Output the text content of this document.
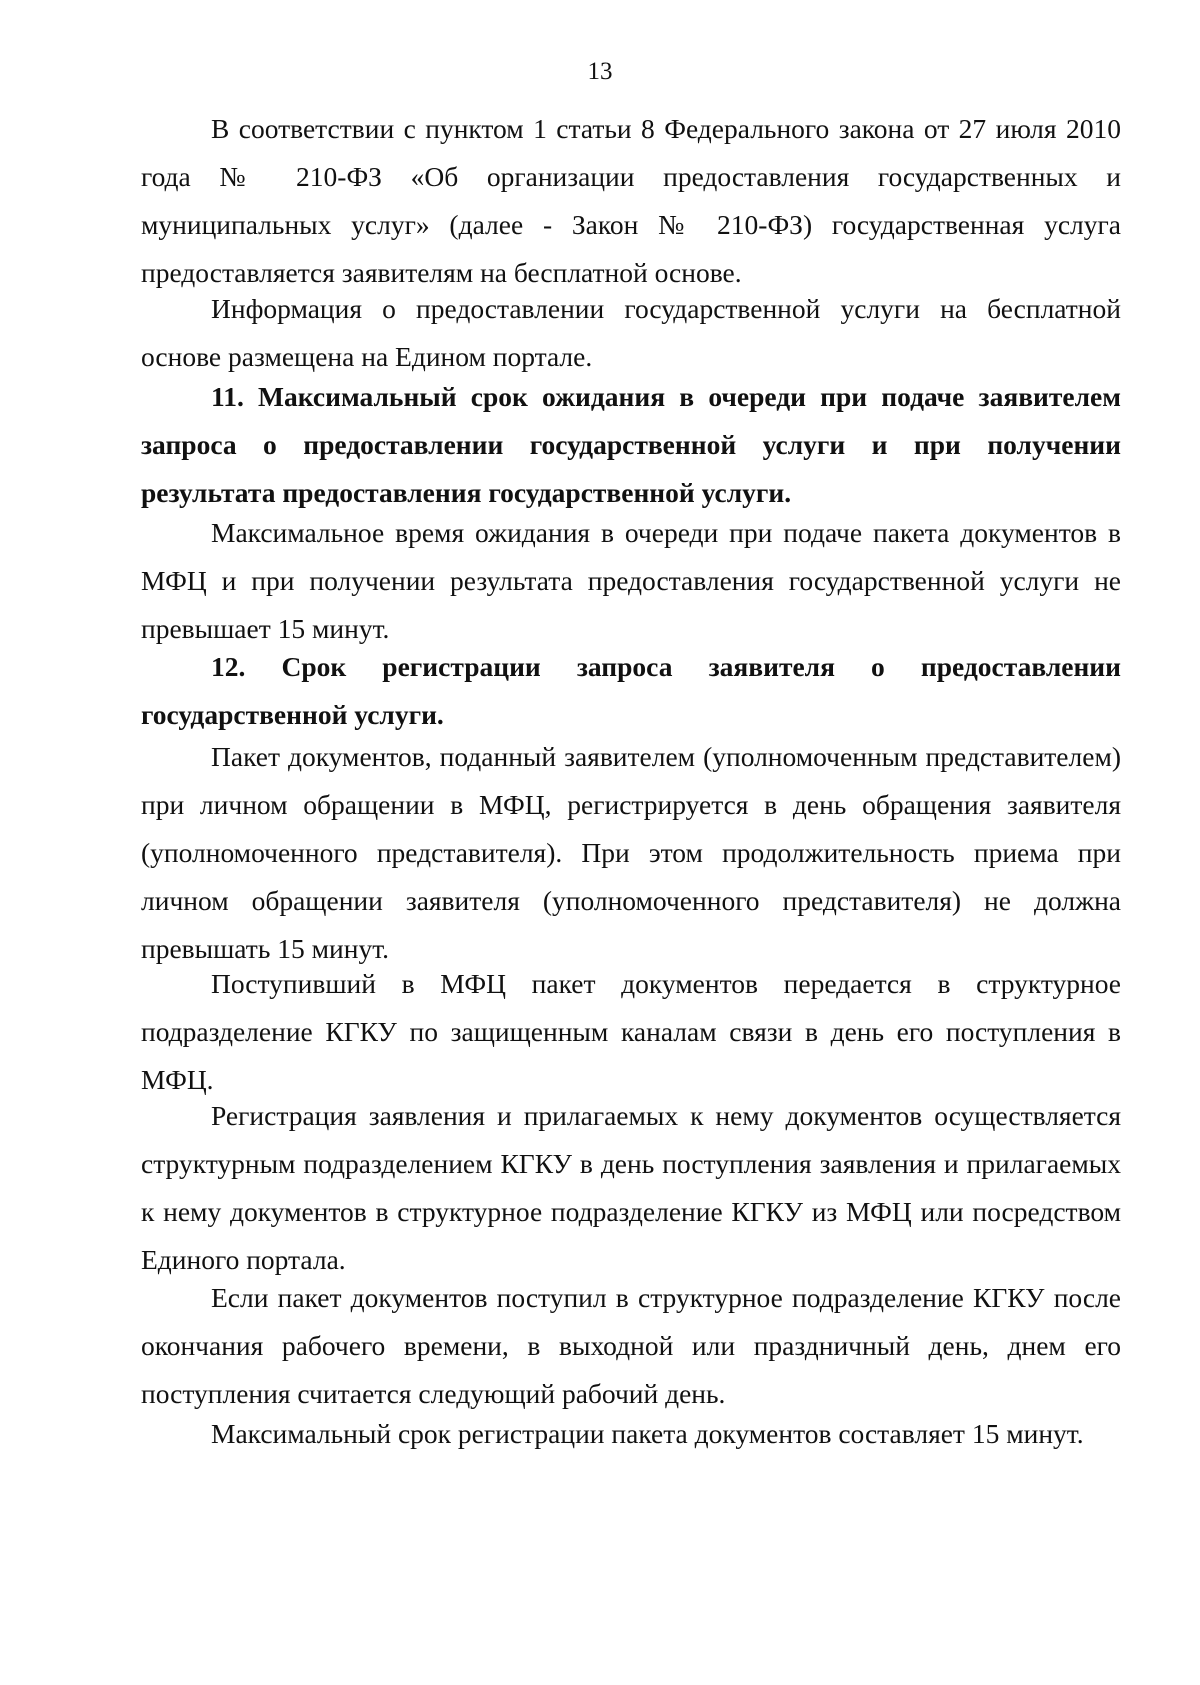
13

В соответствии с пунктом 1 статьи 8 Федерального закона от 27 июля 2010 года № 210-ФЗ «Об организации предоставления государственных и муниципальных услуг» (далее - Закон № 210-ФЗ) государственная услуга предоставляется заявителям на бесплатной основе.

Информация о предоставлении государственной услуги на бесплатной основе размещена на Едином портале.

11. Максимальный срок ожидания в очереди при подаче заявителем запроса о предоставлении государственной услуги и при получении результата предоставления государственной услуги.

Максимальное время ожидания в очереди при подаче пакета документов в МФЦ и при получении результата предоставления государственной услуги не превышает 15 минут.

12. Срок регистрации запроса заявителя о предоставлении государственной услуги.

Пакет документов, поданный заявителем (уполномоченным представителем) при личном обращении в МФЦ, регистрируется в день обращения заявителя (уполномоченного представителя). При этом продолжительность приема при личном обращении заявителя (уполномоченного представителя) не должна превышать 15 минут.

Поступивший в МФЦ пакет документов передается в структурное подразделение КГКУ по защищенным каналам связи в день его поступления в МФЦ.

Регистрация заявления и прилагаемых к нему документов осуществляется структурным подразделением КГКУ в день поступления заявления и прилагаемых к нему документов в структурное подразделение КГКУ из МФЦ или посредством Единого портала.

Если пакет документов поступил в структурное подразделение КГКУ после окончания рабочего времени, в выходной или праздничный день, днем его поступления считается следующий рабочий день.

Максимальный срок регистрации пакета документов составляет 15 минут.
